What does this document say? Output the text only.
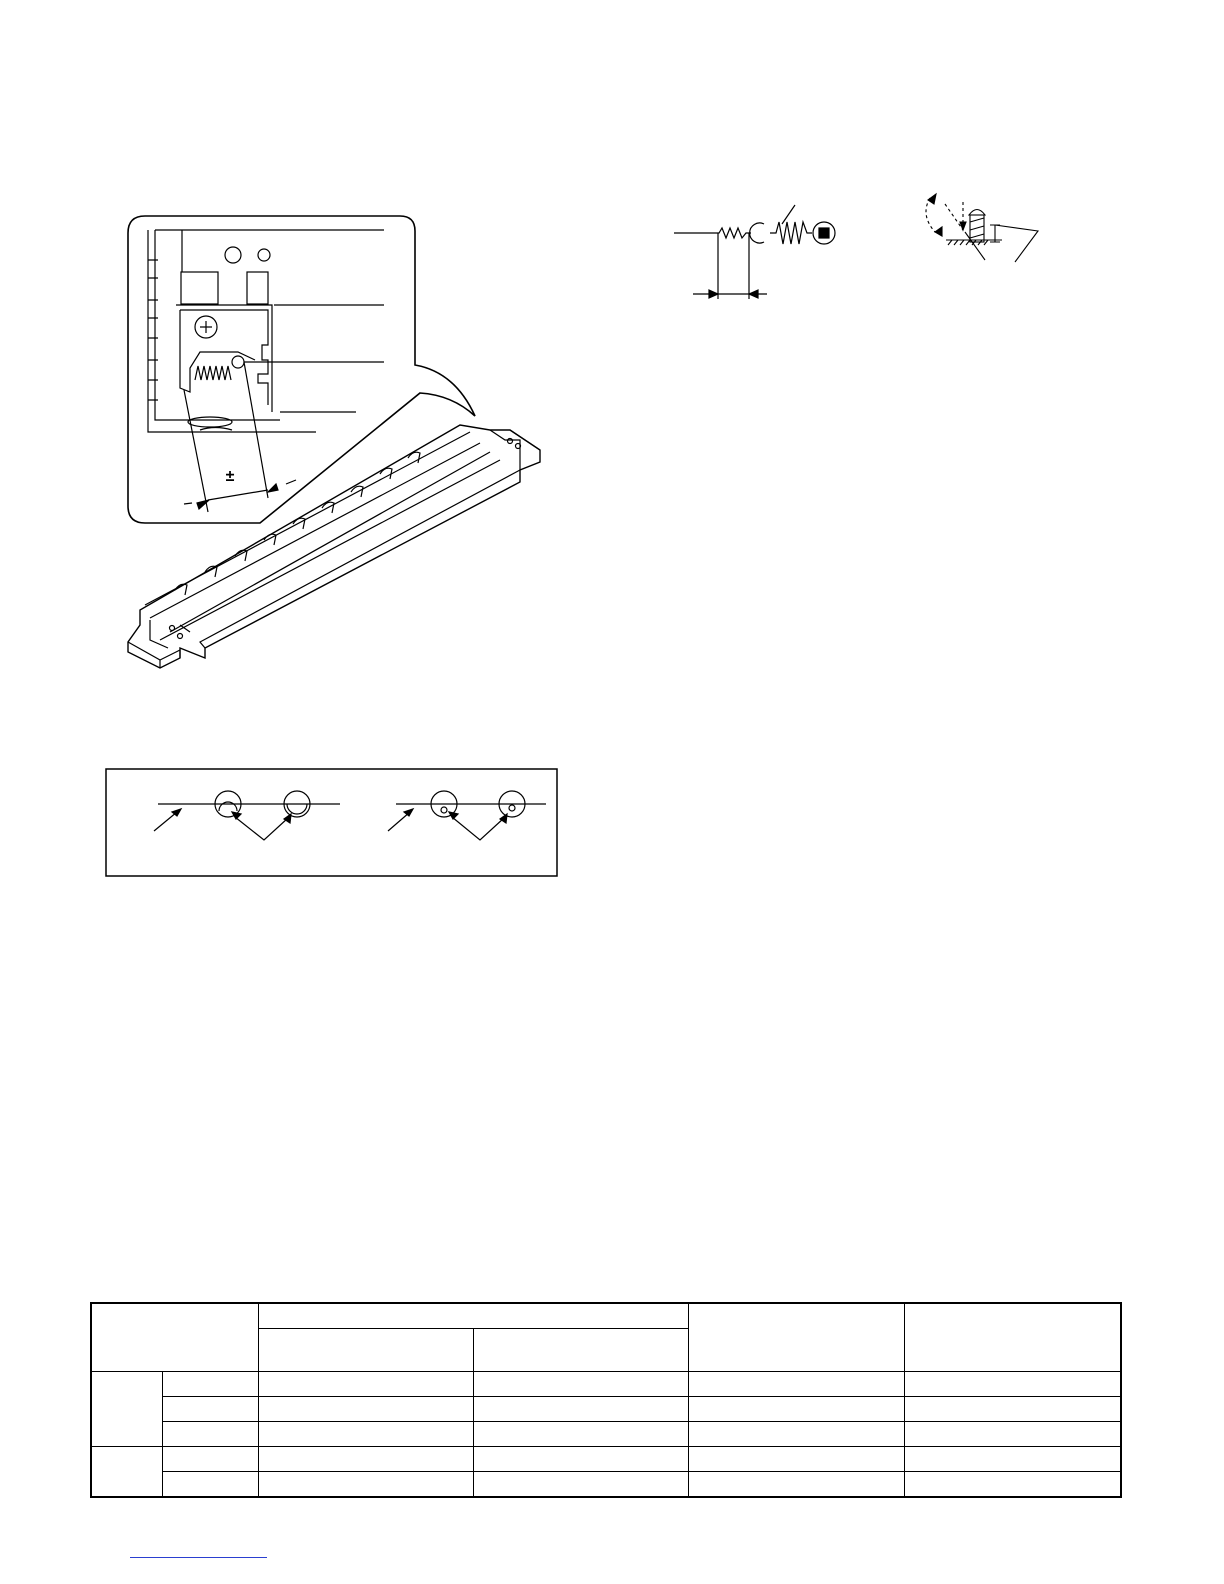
±
